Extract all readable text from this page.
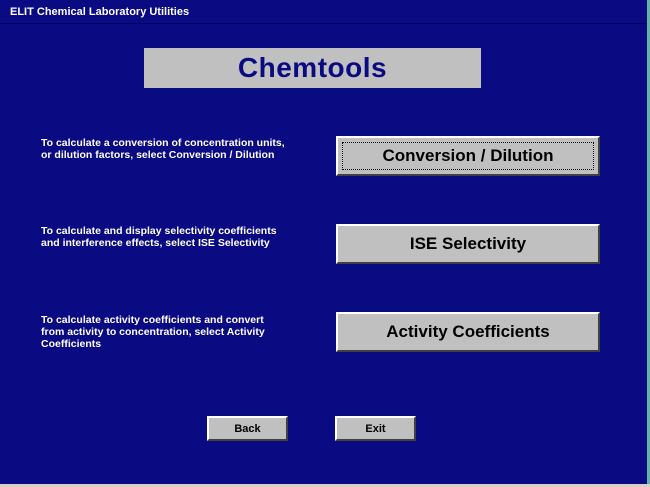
ELIT Chemical Laboratory Utilities
Chemtools
To calculate a conversion of concentration units,
or dilution factors, select Conversion / Dilution	Conversion / Dilution
To calculate and display selectivity coefficients
and interference effects, select ISE Selectivity	ISE Selectivity
To calculate activity coefficients and convert
from activity to concentration, select Activity
Coefficients
Activity Coefficients
Back	Exit
